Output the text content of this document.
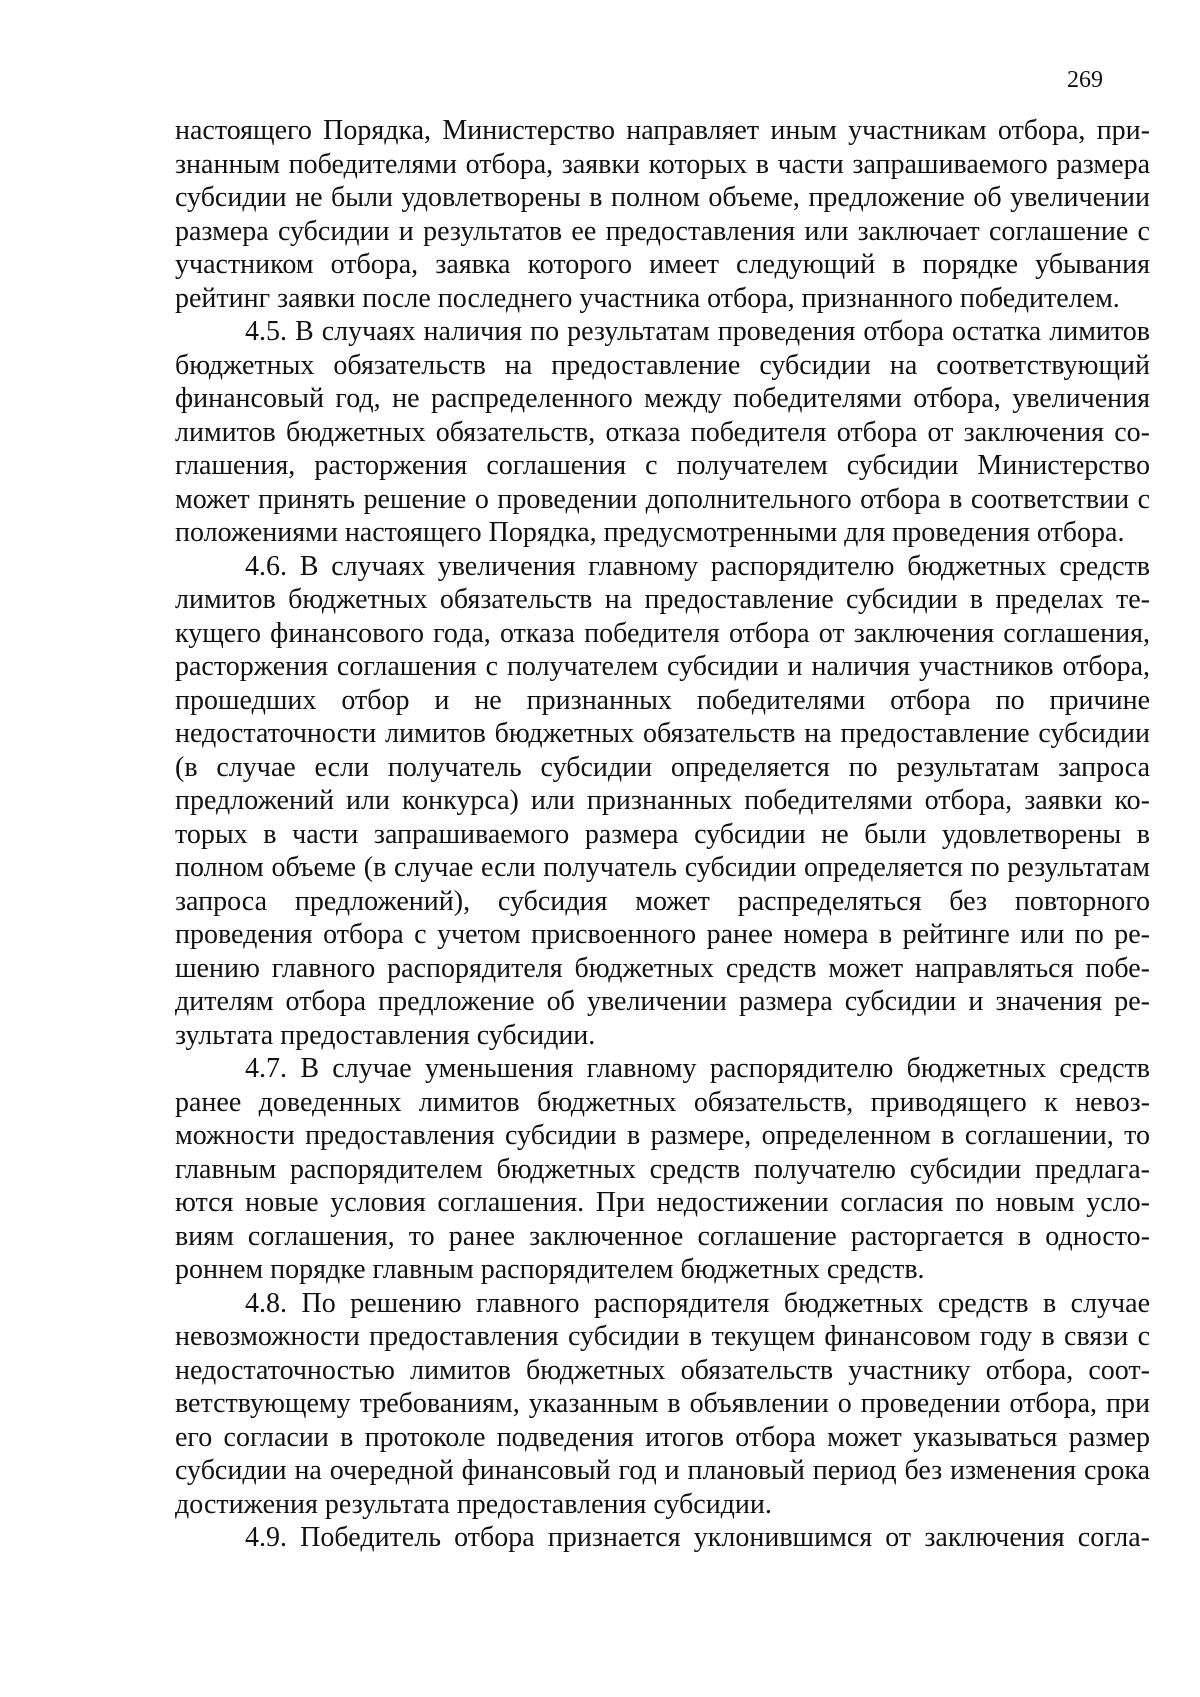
269

настоящего Порядка, Министерство направляет иным участникам отбора, признанным победителями отбора, заявки которых в части запрашиваемого размера субсидии не были удовлетворены в полном объеме, предложение об увеличении размера субсидии и результатов ее предоставления или заключает соглашение с участником отбора, заявка которого имеет следующий в порядке убывания рейтинг заявки после последнего участника отбора, признанного победителем.

4.5. В случаях наличия по результатам проведения отбора остатка лимитов бюджетных обязательств на предоставление субсидии на соответствующий финансовый год, не распределенного между победителями отбора, увеличения лимитов бюджетных обязательств, отказа победителя отбора от заключения соглашения, расторжения соглашения с получателем субсидии Министерство может принять решение о проведении дополнительного отбора в соответствии с положениями настоящего Порядка, предусмотренными для проведения отбора.

4.6. В случаях увеличения главному распорядителю бюджетных средств лимитов бюджетных обязательств на предоставление субсидии в пределах текущего финансового года, отказа победителя отбора от заключения соглашения, расторжения соглашения с получателем субсидии и наличия участников отбора, прошедших отбор и не признанных победителями отбора по причине недостаточности лимитов бюджетных обязательств на предоставление субсидии (в случае если получатель субсидии определяется по результатам запроса предложений или конкурса) или признанных победителями отбора, заявки которых в части запрашиваемого размера субсидии не были удовлетворены в полном объеме (в случае если получатель субсидии определяется по результатам запроса предложений), субсидия может распределяться без повторного проведения отбора с учетом присвоенного ранее номера в рейтинге или по решению главного распорядителя бюджетных средств может направляться победителям отбора предложение об увеличении размера субсидии и значения результата предоставления субсидии.

4.7. В случае уменьшения главному распорядителю бюджетных средств ранее доведенных лимитов бюджетных обязательств, приводящего к невозможности предоставления субсидии в размере, определенном в соглашении, то главным распорядителем бюджетных средств получателю субсидии предлагаются новые условия соглашения. При недостижении согласия по новым условиям соглашения, то ранее заключенное соглашение расторгается в одностороннем порядке главным распорядителем бюджетных средств.

4.8. По решению главного распорядителя бюджетных средств в случае невозможности предоставления субсидии в текущем финансовом году в связи с недостаточностью лимитов бюджетных обязательств участнику отбора, соответствующему требованиям, указанным в объявлении о проведении отбора, при его согласии в протоколе подведения итогов отбора может указываться размер субсидии на очередной финансовый год и плановый период без изменения срока достижения результата предоставления субсидии.

4.9. Победитель отбора признается уклонившимся от заключения согла-
